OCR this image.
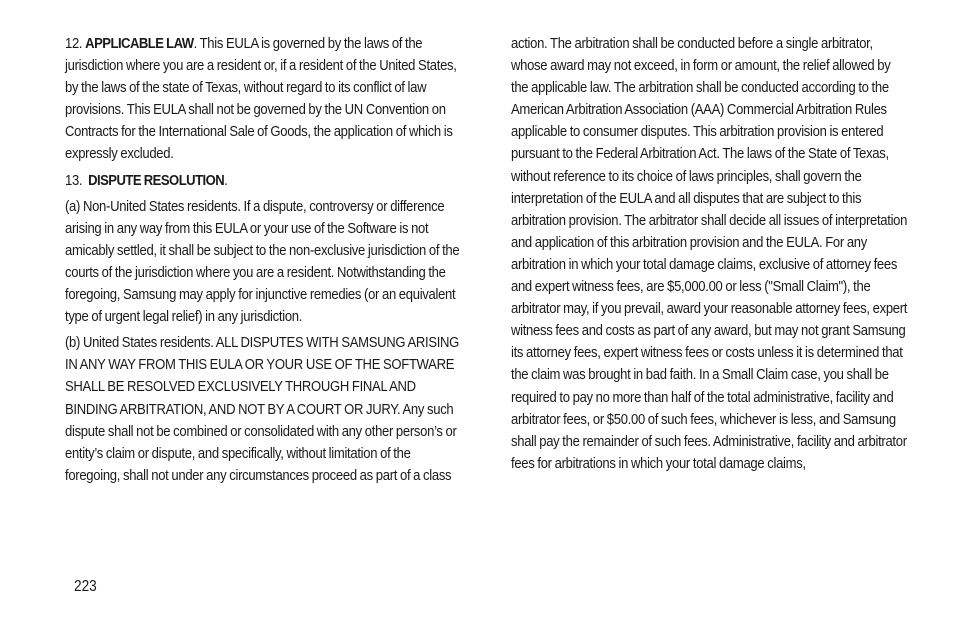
12. APPLICABLE LAW. This EULA is governed by the laws of the jurisdiction where you are a resident or, if a resident of the United States, by the laws of the state of Texas, without regard to its conflict of law provisions. This EULA shall not be governed by the UN Convention on Contracts for the International Sale of Goods, the application of which is expressly excluded.

13. DISPUTE RESOLUTION.

(a) Non-United States residents. If a dispute, controversy or difference arising in any way from this EULA or your use of the Software is not amicably settled, it shall be subject to the non-exclusive jurisdiction of the courts of the jurisdiction where you are a resident. Notwithstanding the foregoing, Samsung may apply for injunctive remedies (or an equivalent type of urgent legal relief) in any jurisdiction.

(b) United States residents. ALL DISPUTES WITH SAMSUNG ARISING IN ANY WAY FROM THIS EULA OR YOUR USE OF THE SOFTWARE SHALL BE RESOLVED EXCLUSIVELY THROUGH FINAL AND BINDING ARBITRATION, AND NOT BY A COURT OR JURY. Any such dispute shall not be combined or consolidated with any other person’s or entity’s claim or dispute, and specifically, without limitation of the foregoing, shall not under any circumstances proceed as part of a class

action. The arbitration shall be conducted before a single arbitrator, whose award may not exceed, in form or amount, the relief allowed by the applicable law. The arbitration shall be conducted according to the American Arbitration Association (AAA) Commercial Arbitration Rules applicable to consumer disputes. This arbitration provision is entered pursuant to the Federal Arbitration Act. The laws of the State of Texas, without reference to its choice of laws principles, shall govern the interpretation of the EULA and all disputes that are subject to this arbitration provision. The arbitrator shall decide all issues of interpretation and application of this arbitration provision and the EULA. For any arbitration in which your total damage claims, exclusive of attorney fees and expert witness fees, are $5,000.00 or less ("Small Claim"), the arbitrator may, if you prevail, award your reasonable attorney fees, expert witness fees and costs as part of any award, but may not grant Samsung its attorney fees, expert witness fees or costs unless it is determined that the claim was brought in bad faith. In a Small Claim case, you shall be required to pay no more than half of the total administrative, facility and arbitrator fees, or $50.00 of such fees, whichever is less, and Samsung shall pay the remainder of such fees. Administrative, facility and arbitrator fees for arbitrations in which your total damage claims,

223
